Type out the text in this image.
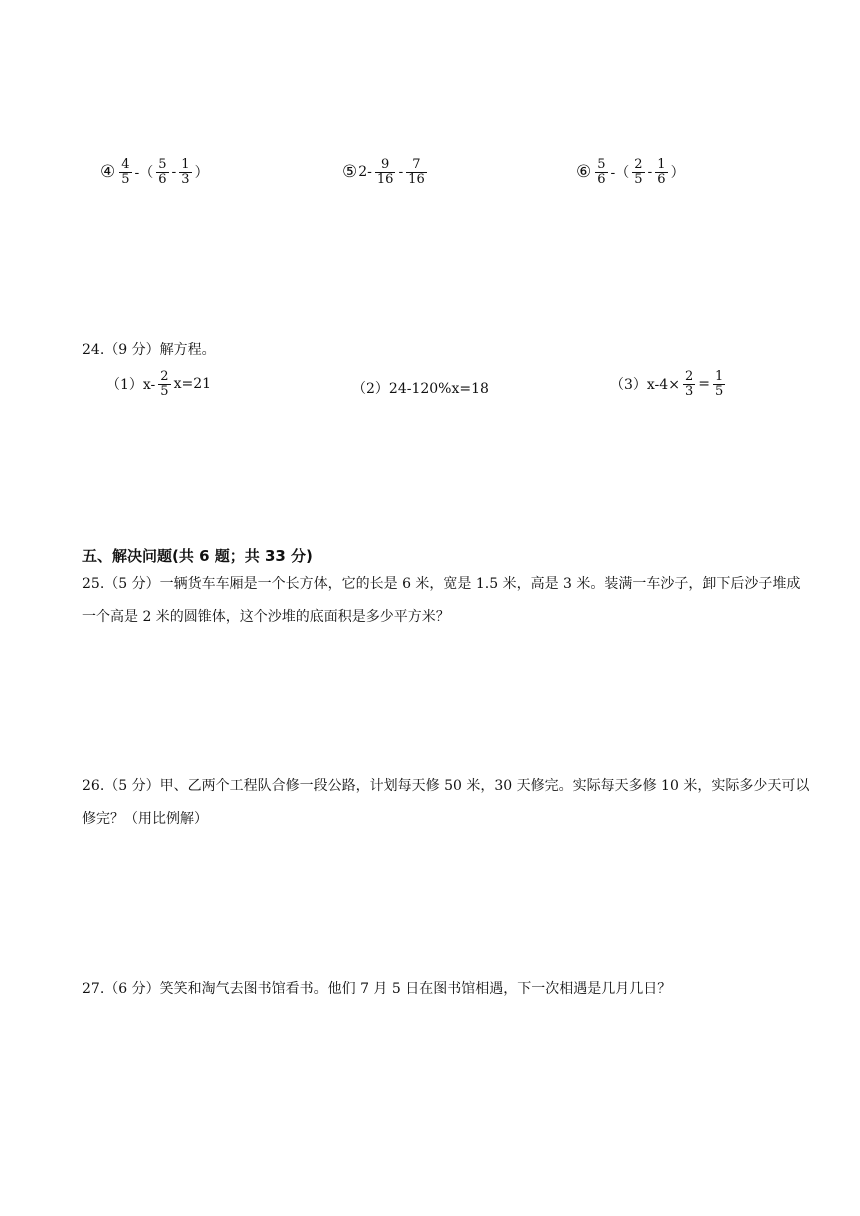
④ $\frac{4}{5}$ -（ $\frac{5}{6} - \frac{1}{3}$ ）	⑤ $2- \frac{9}{16} - \frac{7}{16}$	⑥ $\frac{5}{6}$ -（ $\frac{2}{5} - \frac{1}{6}$ ）
24.（9 分）解方程。
$(1)x- \frac{2}{5} x=21$	（2）24-120%x=18	$(3)x-4\times \frac{2}{3} = \frac{1}{5}$
五、解决问题(共 6 题；共 33 分)
25.（5 分）一辆货车车厢是一个长方体，它的长是 6 米，宽是 1.5 米，高是 3 米。装满一车沙子，卸下后沙子堆成一个高是 2 米的圆锥体，这个沙堆的底面积是多少平方米？
26.（5 分）甲、乙两个工程队合修一段公路，计划每天修 50 米，30 天修完。实际每天多修 10 米，实际多少天可以修完？（用比例解）
27.（6 分）笑笑和淘气去图书馆看书。他们 7 月 5 日在图书馆相遇，下一次相遇是几月几日？
